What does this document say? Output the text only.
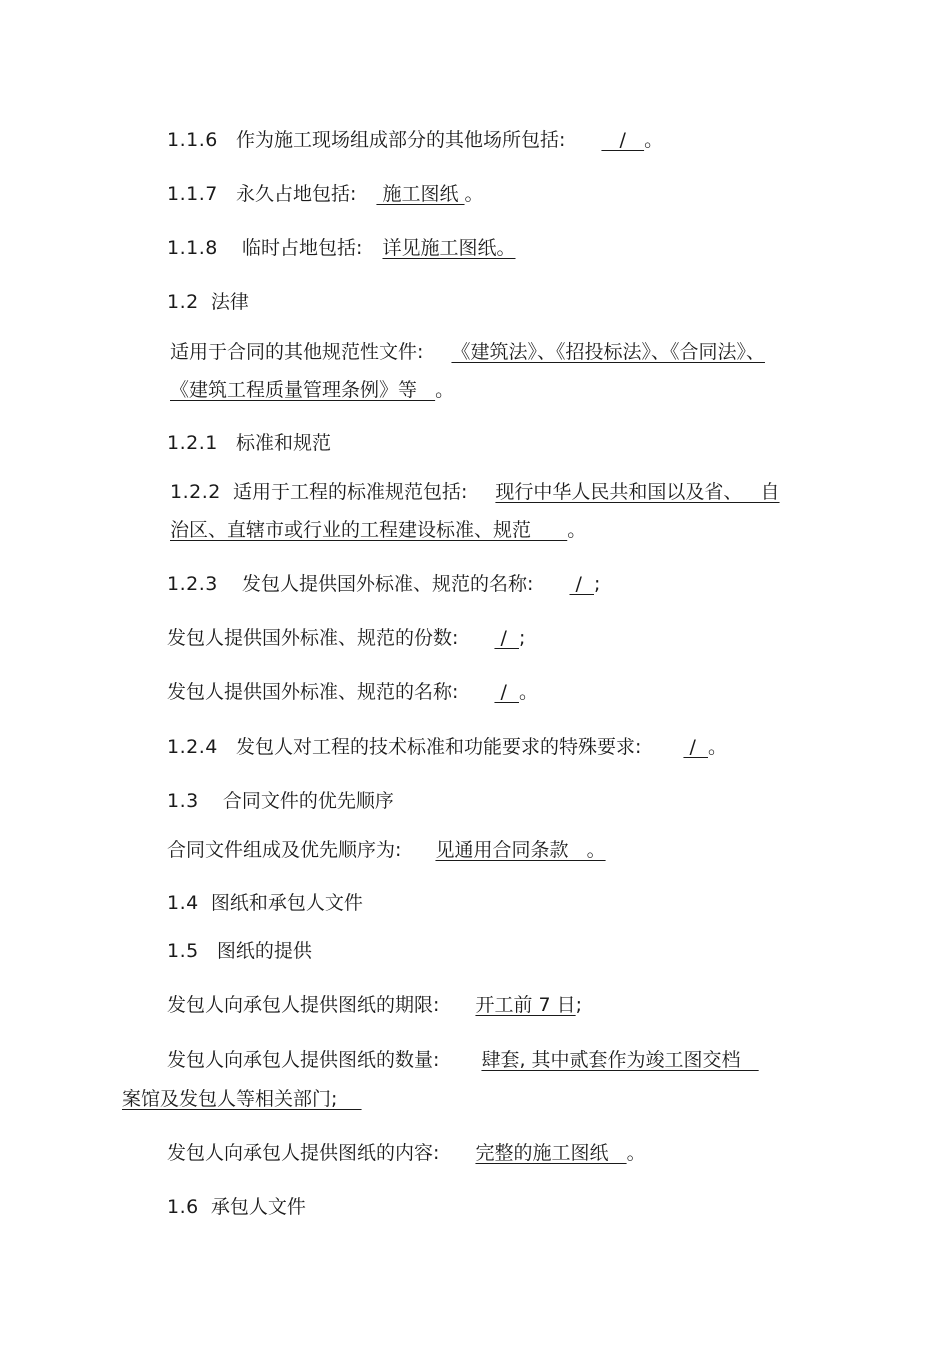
1.1.6 作为施工现场组成部分的其他场所包括:    /   。
1.1.7 永久占地包括:  施工图纸 。
1.1.8 临时占地包括: 详见施工图纸。
1.2 法律
适用于合同的其他规范性文件: 《建筑法》、《招投标法》、《合同法》、
《建筑工程质量管理条例》等   。
1.2.1 标准和规范
1.2.2 适用于工程的标准规范包括: 现行中华人民共和国以及省、   自
治区、直辖市或行业的工程建设标准、规范      。
1.2.3 发包人提供国外标准、规范的名称:  /  ;
发包人提供国外标准、规范的份数:  /  ;
发包人提供国外标准、规范的名称:  /  。
1.2.4 发包人对工程的技术标准和功能要求的特殊要求:  /  。
1.3 合同文件的优先顺序
合同文件组成及优先顺序为: 见通用合同条款   。
1.4 图纸和承包人文件
1.5 图纸的提供
发包人向承包人提供图纸的期限: 开工前 7 日;
发包人向承包人提供图纸的数量: 肆套, 其中贰套作为竣工图交档
案馆及发包人等相关部门;
发包人向承包人提供图纸的内容: 完整的施工图纸   。
1.6 承包人文件
